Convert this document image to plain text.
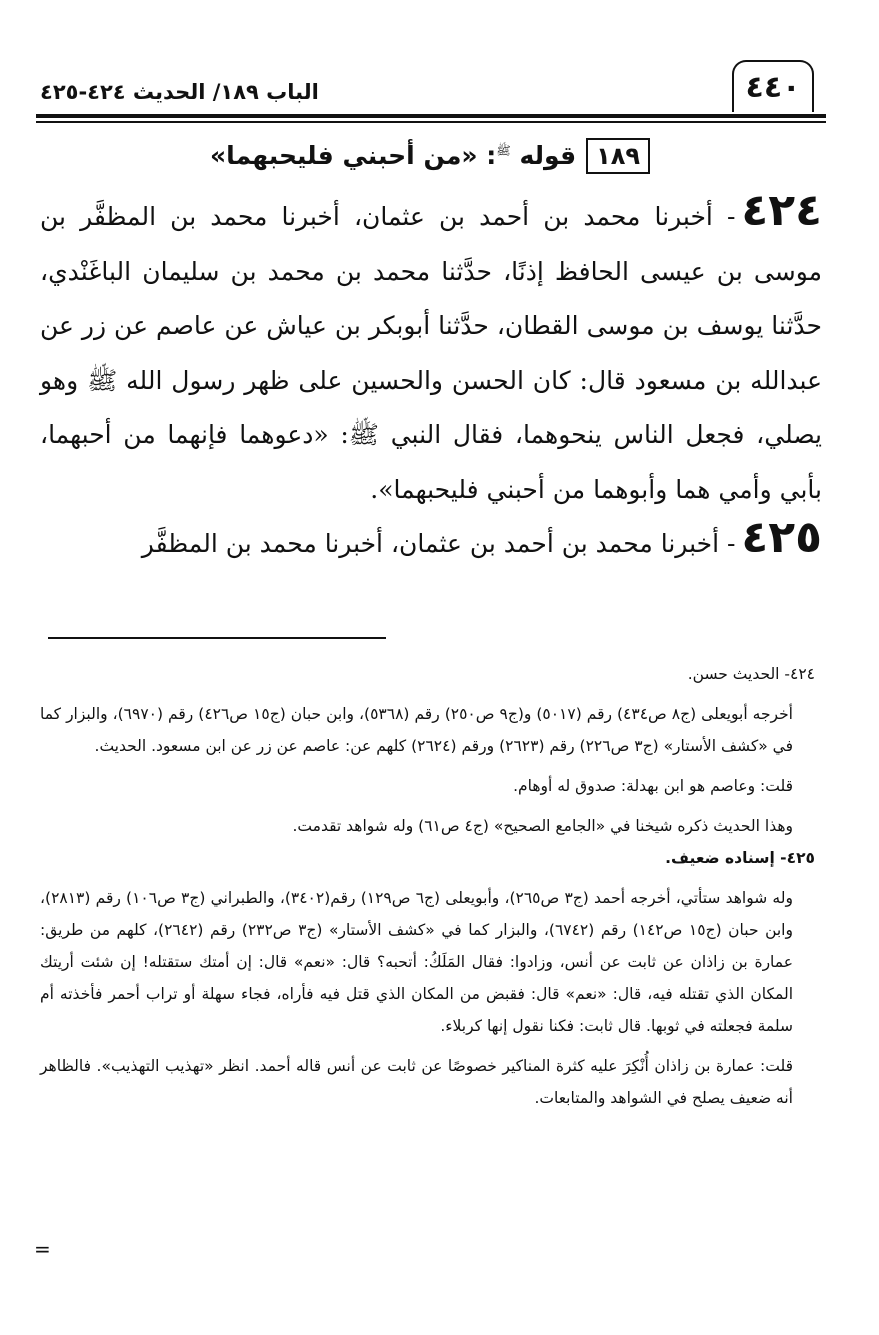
٤٤٠
الباب ١٨٩/ الحديث ٤٢٤-٤٢٥
١٨٩قوله $^ﷺ$: «من أحبني فليحبهما»

٤٢٤- أخبرنا محمد بن أحمد بن عثمان، أخبرنا محمد بن المظفَّر بن موسى بن عيسى الحافظ إذنًا، حدَّثنا محمد بن محمد بن سليمان الباغَنْدي، حدَّثنا يوسف بن موسى القطان، حدَّثنا أبوبكر بن عياش عن عاصم عن زر عن عبدالله بن مسعود قال: كان الحسن والحسين على ظهر رسول الله ﷺ وهو يصلي، فجعل الناس ينحوهما، فقال النبي ﷺ: «دعوهما فإنهما من أحبهما، بأبي وأمي هما وأبوهما من أحبني فليحبهما».

٤٢٥- أخبرنا محمد بن أحمد بن عثمان، أخبرنا محمد بن المظفَّر

٤٢٤- الحديث حسن.

أخرجه أبويعلى (ج٨ ص٤٣٤) رقم (٥٠١٧) و(ج٩ ص٢٥٠) رقم (٥٣٦٨)، وابن حبان (ج١٥ ص٤٢٦) رقم (٦٩٧٠)، والبزار كما في «كشف الأستار» (ج٣ ص٢٢٦) رقم (٢٦٢٣) ورقم (٢٦٢٤) كلهم عن: عاصم عن زر عن ابن مسعود. الحديث.

قلت: وعاصم هو ابن بهدلة: صدوق له أوهام.

وهذا الحديث ذكره شيخنا في «الجامع الصحيح» (ج٤ ص٦١) وله شواهد تقدمت.

٤٢٥- إسناده ضعيف.

وله شواهد ستأتي، أخرجه أحمد (ج٣ ص٢٦٥)، وأبويعلى (ج٦ ص١٢٩) رقم(٣٤٠٢)، والطبراني (ج٣ ص١٠٦) رقم (٢٨١٣)، وابن حبان (ج١٥ ص١٤٢) رقم (٦٧٤٢)، والبزار كما في «كشف الأستار» (ج٣ ص٢٣٢) رقم (٢٦٤٢)، كلهم من طريق: عمارة بن زاذان عن ثابت عن أنس، وزادوا: فقال المَلَكُ: أتحبه؟ قال: «نعم» قال: إن أمتك ستقتله! إن شئت أريتك المكان الذي تقتله فيه، قال: «نعم» قال: فقبض من المكان الذي قتل فيه فأراه، فجاء سهلة أو تراب أحمر فأخذته أم سلمة فجعلته في ثوبها. قال ثابت: فكنا نقول إنها كربلاء.

قلت: عمارة بن زاذان أُنْكِرَ عليه كثرة المناكير خصوصًا عن ثابت عن أنس قاله أحمد. انظر «تهذيب التهذيب». فالظاهر أنه ضعيف يصلح في الشواهد والمتابعات.

=
